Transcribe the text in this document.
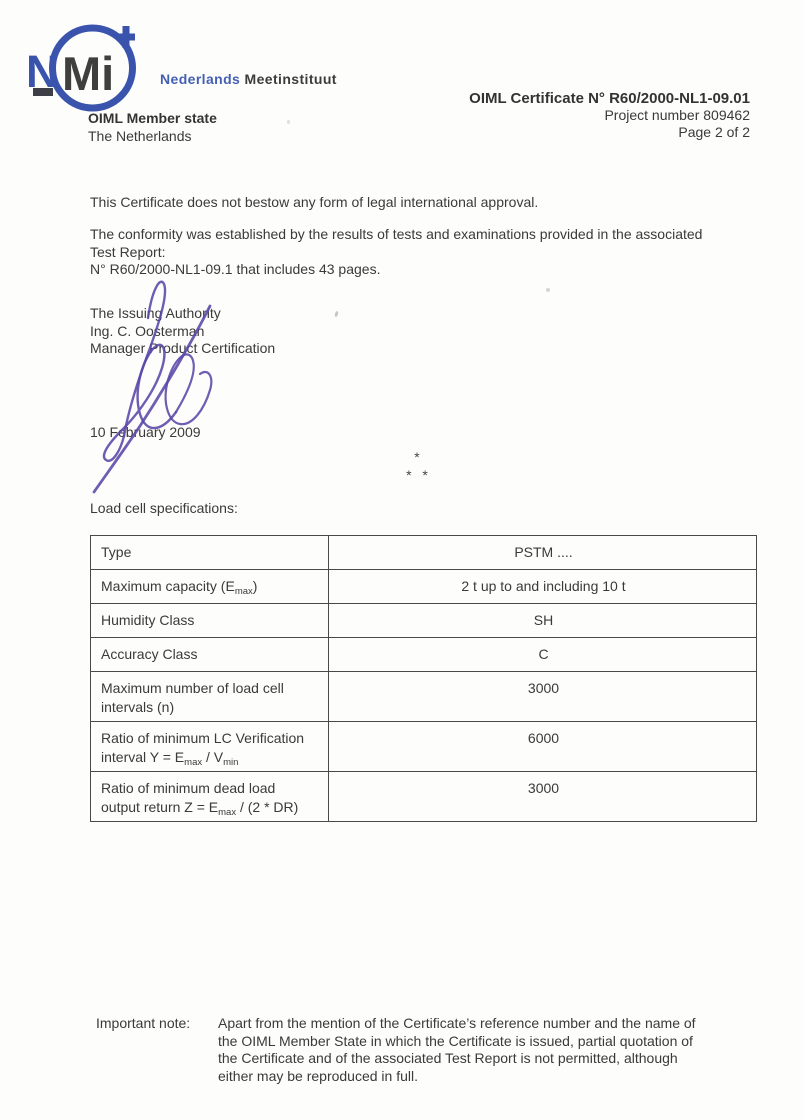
N Mi	Nederlands Meetinstituut
OIML Member state
The Netherlands
OIML Certificate N° R60/2000-NL1-09.01
Project number 809462
Page 2 of 2
This Certificate does not bestow any form of legal international approval.
The conformity was established by the results of tests and examinations provided in the associated
Test Report:
N° R60/2000-NL1-09.1 that includes 43 pages.
The Issuing Authority
Ing. C. Oosterman
Manager Product Certification
10 February 2009
*
* *
Load cell specifications:
Type	PSTM ....
Maximum capacity $(E_{max})$	2 t up to and including 10 t
Humidity Class	SH
Accuracy Class	C
Maximum number of load cell
intervals (n)	3000
Ratio of minimum LC Verification
interval $Y = E_{max} / V_{min}$	6000
Ratio of minimum dead load
output return $Z = E_{max} / (2 * DR)$	3000
Important note: Apart from the mention of the Certificate’s reference number and the name of the OIML Member State in which the Certificate is issued, partial quotation of the Certificate and of the associated Test Report is not permitted, although either may be reproduced in full.
